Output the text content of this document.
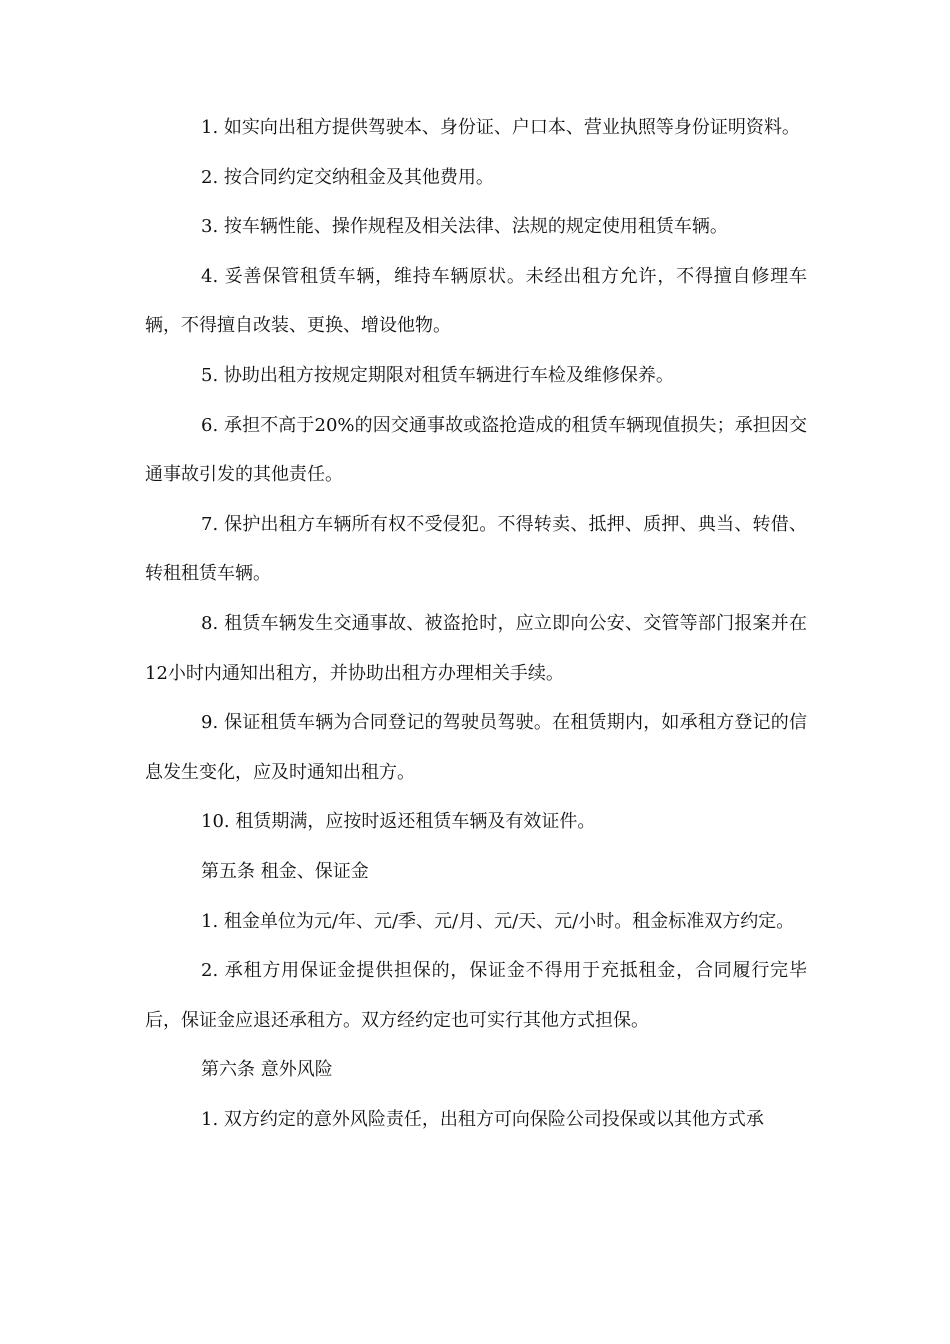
1. 如实向出租方提供驾驶本、身份证、户口本、营业执照等身份证明资料。

2. 按合同约定交纳租金及其他费用。

3. 按车辆性能、操作规程及相关法律、法规的规定使用租赁车辆。

4. 妥善保管租赁车辆，维持车辆原状。未经出租方允许，不得擅自修理车辆，不得擅自改装、更换、增设他物。

5. 协助出租方按规定期限对租赁车辆进行车检及维修保养。

6. 承担不高于20%的因交通事故或盗抢造成的租赁车辆现值损失；承担因交通事故引发的其他责任。

7. 保护出租方车辆所有权不受侵犯。不得转卖、抵押、质押、典当、转借、转租租赁车辆。

8. 租赁车辆发生交通事故、被盗抢时，应立即向公安、交管等部门报案并在12小时内通知出租方，并协助出租方办理相关手续。

9. 保证租赁车辆为合同登记的驾驶员驾驶。在租赁期内，如承租方登记的信息发生变化，应及时通知出租方。

10. 租赁期满，应按时返还租赁车辆及有效证件。

第五条 租金、保证金

1. 租金单位为元/年、元/季、元/月、元/天、元/小时。租金标准双方约定。

2. 承租方用保证金提供担保的，保证金不得用于充抵租金，合同履行完毕后，保证金应退还承租方。双方经约定也可实行其他方式担保。

第六条 意外风险

1. 双方约定的意外风险责任，出租方可向保险公司投保或以其他方式承
